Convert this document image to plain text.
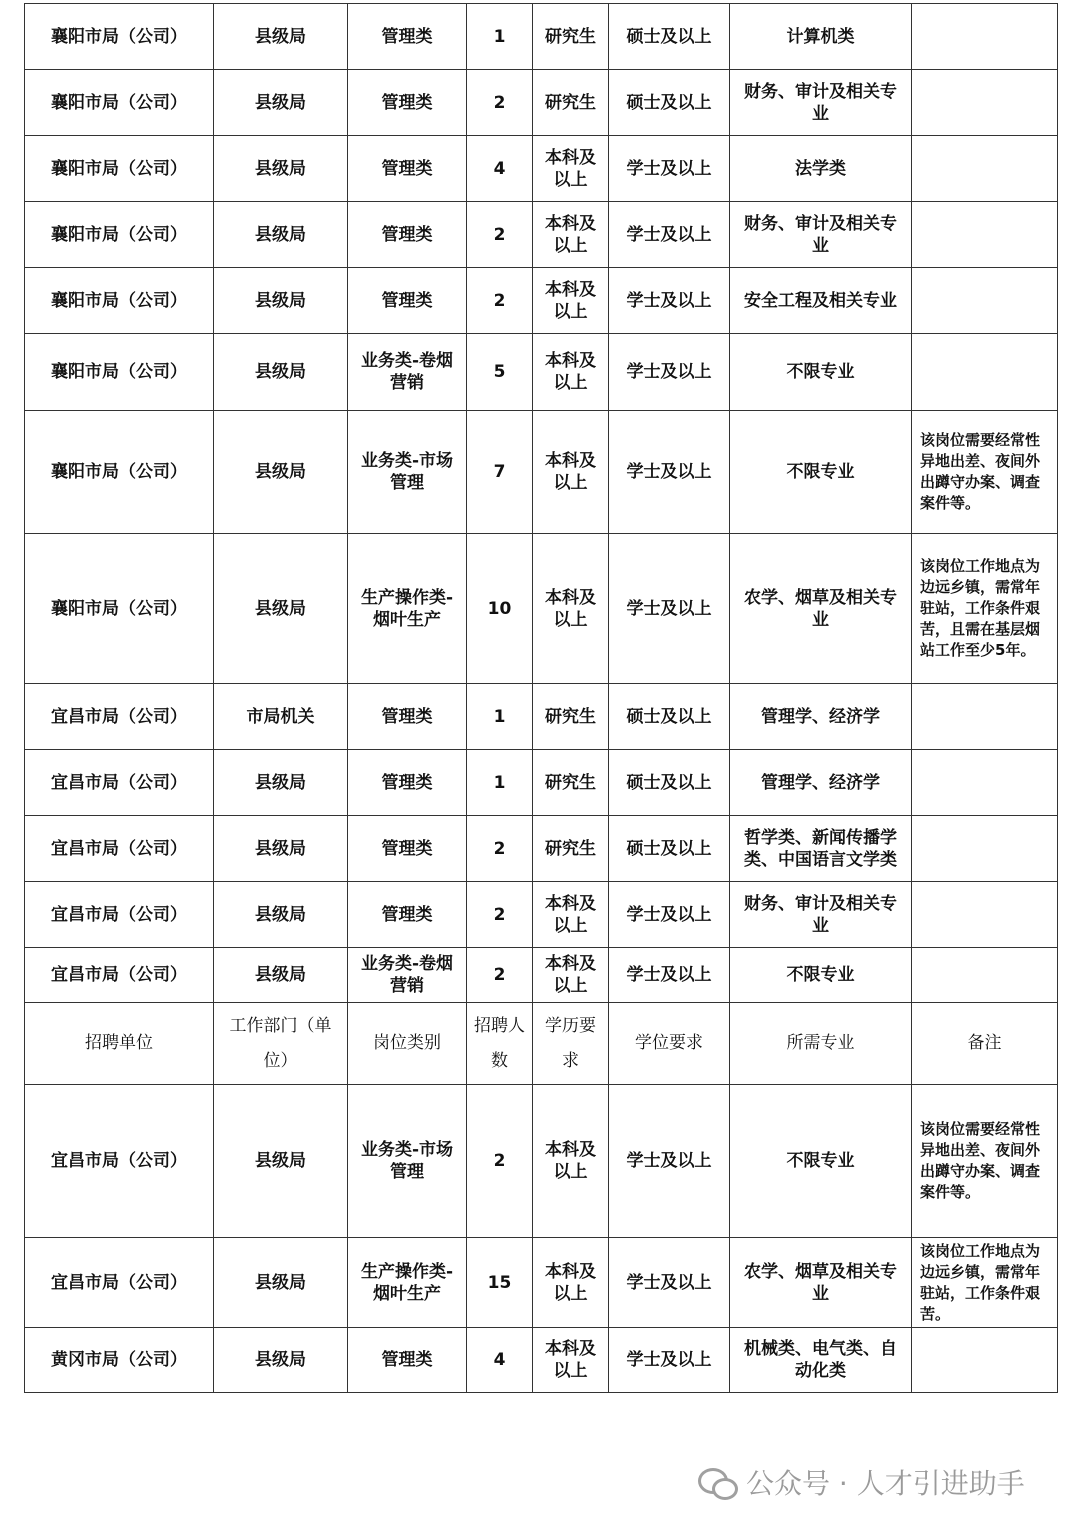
襄阳市局（公司）	县级局	管理类	1	研究生	硕士及以上	计算机类	
襄阳市局（公司）	县级局	管理类	2	研究生	硕士及以上	财务、审计及相关专业	
襄阳市局（公司）	县级局	管理类	4	本科及以上	学士及以上	法学类	
襄阳市局（公司）	县级局	管理类	2	本科及以上	学士及以上	财务、审计及相关专业	
襄阳市局（公司）	县级局	管理类	2	本科及以上	学士及以上	安全工程及相关专业	
襄阳市局（公司）	县级局	业务类-卷烟营销	5	本科及以上	学士及以上	不限专业	
襄阳市局（公司）	县级局	业务类-市场管理	7	本科及以上	学士及以上	不限专业	该岗位需要经常性异地出差、夜间外出蹲守办案、调查案件等。
襄阳市局（公司）	县级局	生产操作类-烟叶生产	10	本科及以上	学士及以上	农学、烟草及相关专业	该岗位工作地点为边远乡镇，需常年驻站，工作条件艰苦，且需在基层烟站工作至少5年。
宜昌市局（公司）	市局机关	管理类	1	研究生	硕士及以上	管理学、经济学	
宜昌市局（公司）	县级局	管理类	1	研究生	硕士及以上	管理学、经济学	
宜昌市局（公司）	县级局	管理类	2	研究生	硕士及以上	哲学类、新闻传播学类、中国语言文学类	
宜昌市局（公司）	县级局	管理类	2	本科及以上	学士及以上	财务、审计及相关专业	
宜昌市局（公司）	县级局	业务类-卷烟营销	2	本科及以上	学士及以上	不限专业	
招聘单位	工作部门（单位）	岗位类别	招聘人数	学历要求	学位要求	所需专业	备注
宜昌市局（公司）	县级局	业务类-市场管理	2	本科及以上	学士及以上	不限专业	该岗位需要经常性异地出差、夜间外出蹲守办案、调查案件等。
宜昌市局（公司）	县级局	生产操作类-烟叶生产	15	本科及以上	学士及以上	农学、烟草及相关专业	该岗位工作地点为边远乡镇，需常年驻站，工作条件艰苦。
黄冈市局（公司）	县级局	管理类	4	本科及以上	学士及以上	机械类、电气类、自动化类	
公众号 · 人才引进助手
